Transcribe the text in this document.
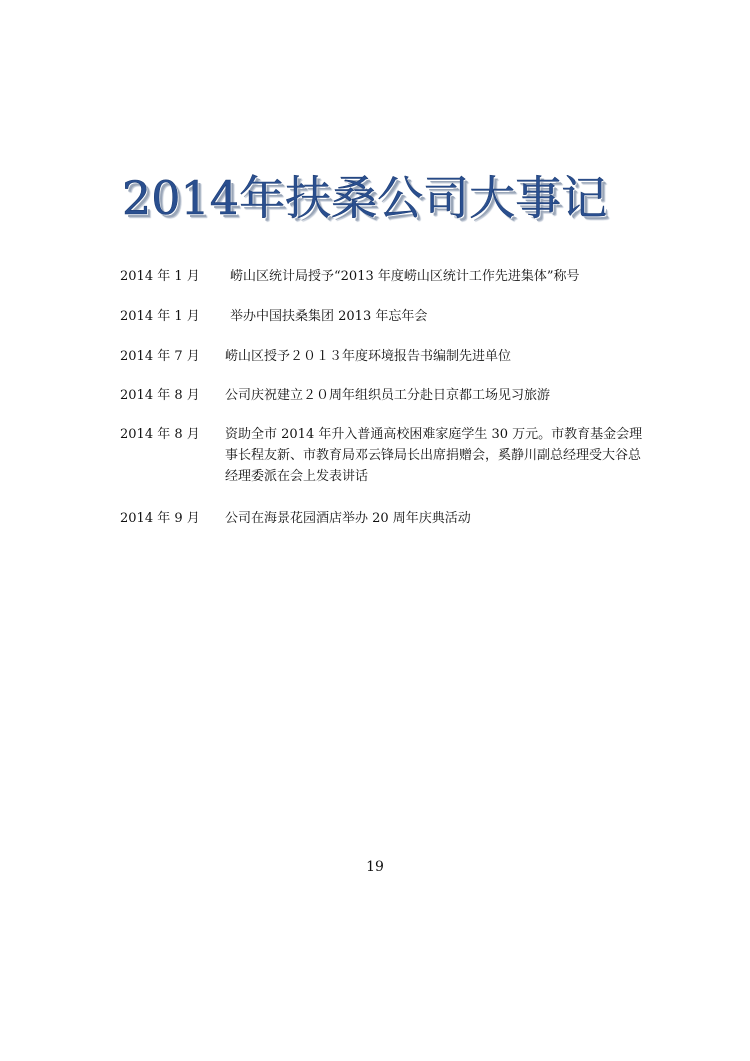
2014年扶桑公司大事记
2014 年 1 月 崂山区统计局授予“2013 年度崂山区统计工作先进集体”称号
2014 年 1 月 举办中国扶桑集团 2013 年忘年会
2014 年 7 月 崂山区授予２０１３年度环境报告书编制先进单位
2014 年 8 月 公司庆祝建立２０周年组织员工分赴日京都工场见习旅游
2014 年 8 月 资助全市 2014 年升入普通高校困难家庭学生 30 万元。市教育基金会理事长程友新、市教育局邓云锋局长出席捐赠会，奚静川副总经理受大谷总经理委派在会上发表讲话
2014 年 9 月 公司在海景花园酒店举办 20 周年庆典活动
19
